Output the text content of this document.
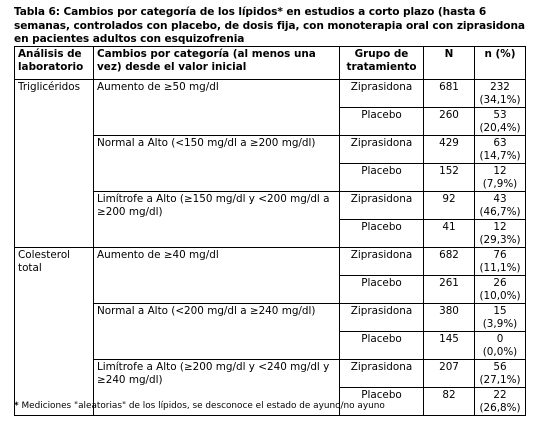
Tabla 6: Cambios por categoría de los lípidos* en estudios a corto plazo (hasta 6 semanas, controlados con placebo, de dosis fija, con monoterapia oral con ziprasidona en pacientes adultos con esquizofrenia
Análisis de laboratorio	Cambios por categoría (al menos una vez) desde el valor inicial	Grupo de tratamiento	N	n (%)
Triglicéridos	Aumento de ≥50 mg/dl	Ziprasidona	681	232 (34,1%)
		Placebo	260	53 (20,4%)
	Normal a Alto (<150 mg/dl a ≥200 mg/dl)	Ziprasidona	429	63 (14,7%)
		Placebo	152	12 (7,9%)
	Limítrofe a Alto (≥150 mg/dl y <200 mg/dl a ≥200 mg/dl)	Ziprasidona	92	43 (46,7%)
		Placebo	41	12 (29,3%)
Colesterol total	Aumento de ≥40 mg/dl	Ziprasidona	682	76 (11,1%)
		Placebo	261	26 (10,0%)
	Normal a Alto (<200 mg/dl a ≥240 mg/dl)	Ziprasidona	380	15 (3,9%)
		Placebo	145	0 (0,0%)
	Limítrofe a Alto (≥200 mg/dl y <240 mg/dl y ≥240 mg/dl)	Ziprasidona	207	56 (27,1%)
		Placebo	82	22 (26,8%)
* Mediciones "aleatorias" de los lípidos, se desconoce el estado de ayuno/no ayuno
